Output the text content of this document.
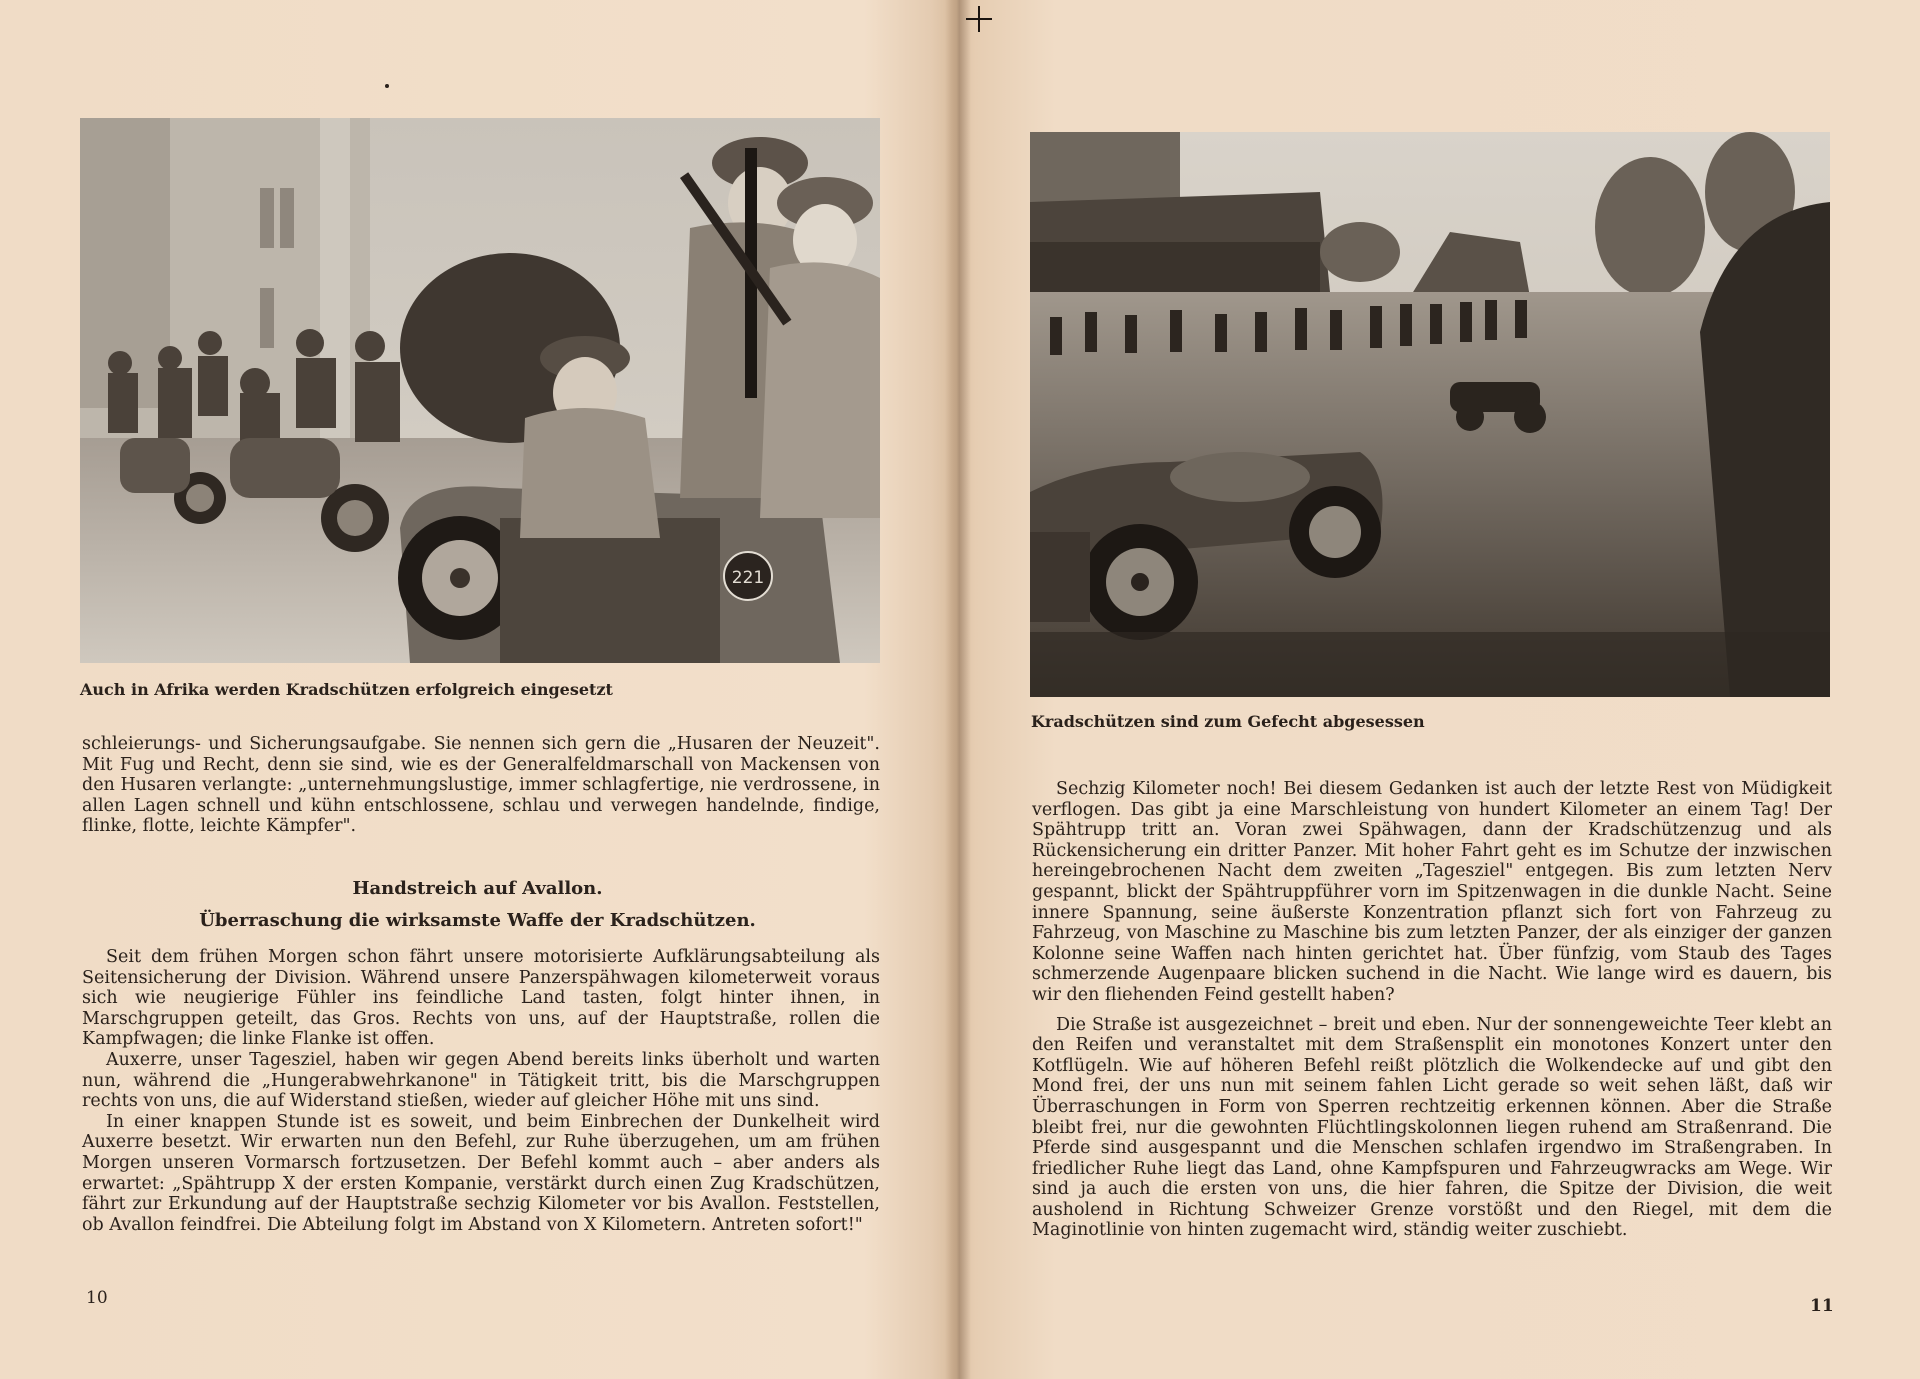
221
Auch in Afrika werden Kradschützen erfolgreich eingesetzt

schleierungs- und Sicherungsaufgabe. Sie nennen sich gern die „Husaren der Neuzeit". Mit Fug und Recht, denn sie sind, wie es der Generalfeldmarschall von Mackensen von den Husaren verlangte: „unternehmungslustige, immer schlagfertige, nie verdrossene, in allen Lagen schnell und kühn entschlossene, schlau und verwegen handelnde, findige, flinke, flotte, leichte Kämpfer".

Handstreich auf Avallon.
Überraschung die wirksamste Waffe der Kradschützen.

Seit dem frühen Morgen schon fährt unsere motorisierte Aufklärungsabteilung als Seitensicherung der Division. Während unsere Panzerspähwagen kilometerweit voraus sich wie neugierige Fühler ins feindliche Land tasten, folgt hinter ihnen, in Marschgruppen geteilt, das Gros. Rechts von uns, auf der Hauptstraße, rollen die Kampfwagen; die linke Flanke ist offen.

Auxerre, unser Tagesziel, haben wir gegen Abend bereits links überholt und warten nun, während die „Hungerabwehrkanone" in Tätigkeit tritt, bis die Marschgruppen rechts von uns, die auf Widerstand stießen, wieder auf gleicher Höhe mit uns sind.

In einer knappen Stunde ist es soweit, und beim Einbrechen der Dunkelheit wird Auxerre besetzt. Wir erwarten nun den Befehl, zur Ruhe überzugehen, um am frühen Morgen unseren Vormarsch fortzusetzen. Der Befehl kommt auch – aber anders als erwartet: „Spähtrupp X der ersten Kompanie, verstärkt durch einen Zug Kradschützen, fährt zur Erkundung auf der Hauptstraße sechzig Kilometer vor bis Avallon. Feststellen, ob Avallon feindfrei. Die Abteilung folgt im Abstand von X Kilometern. Antreten sofort!"

10
Kradschützen sind zum Gefecht abgesessen

Sechzig Kilometer noch! Bei diesem Gedanken ist auch der letzte Rest von Müdigkeit verflogen. Das gibt ja eine Marschleistung von hundert Kilometer an einem Tag! Der Spähtrupp tritt an. Voran zwei Spähwagen, dann der Kradschützenzug und als Rückensicherung ein dritter Panzer. Mit hoher Fahrt geht es im Schutze der inzwischen hereingebrochenen Nacht dem zweiten „Tagesziel" entgegen. Bis zum letzten Nerv gespannt, blickt der Spähtruppführer vorn im Spitzenwagen in die dunkle Nacht. Seine innere Spannung, seine äußerste Konzentration pflanzt sich fort von Fahrzeug zu Fahrzeug, von Maschine zu Maschine bis zum letzten Panzer, der als einziger der ganzen Kolonne seine Waffen nach hinten gerichtet hat. Über fünfzig, vom Staub des Tages schmerzende Augenpaare blicken suchend in die Nacht. Wie lange wird es dauern, bis wir den fliehenden Feind gestellt haben?

Die Straße ist ausgezeichnet – breit und eben. Nur der sonnengeweichte Teer klebt an den Reifen und veranstaltet mit dem Straßensplit ein monotones Konzert unter den Kotflügeln. Wie auf höheren Befehl reißt plötzlich die Wolkendecke auf und gibt den Mond frei, der uns nun mit seinem fahlen Licht gerade so weit sehen läßt, daß wir Überraschungen in Form von Sperren rechtzeitig erkennen können. Aber die Straße bleibt frei, nur die gewohnten Flüchtlingskolonnen liegen ruhend am Straßenrand. Die Pferde sind ausgespannt und die Menschen schlafen irgendwo im Straßengraben. In friedlicher Ruhe liegt das Land, ohne Kampfspuren und Fahrzeugwracks am Wege. Wir sind ja auch die ersten von uns, die hier fahren, die Spitze der Division, die weit ausholend in Richtung Schweizer Grenze vorstößt und den Riegel, mit dem die Maginotlinie von hinten zugemacht wird, ständig weiter zuschiebt.

11
